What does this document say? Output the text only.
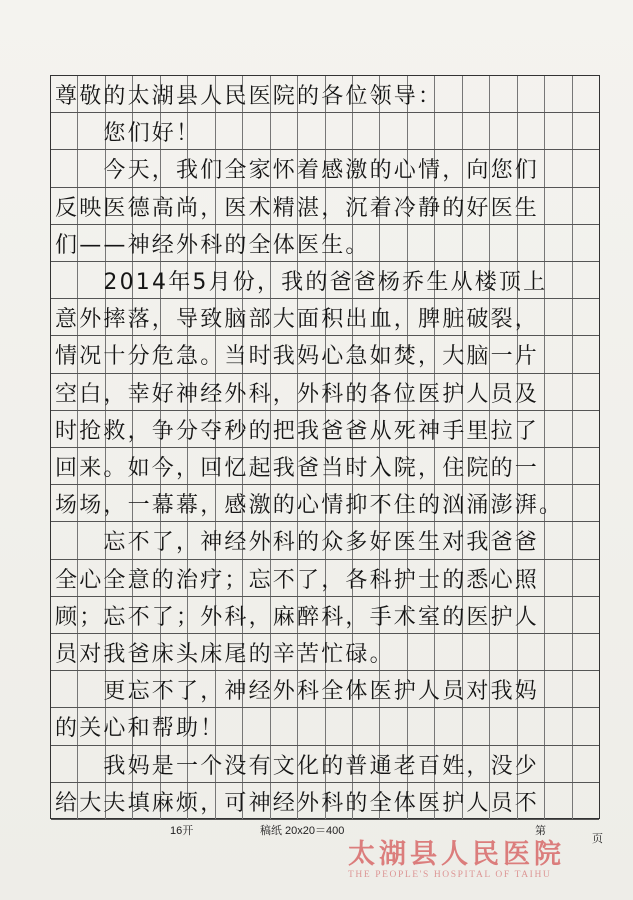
尊敬的太湖县人民医院的各位领导：
　　您们好！
　　今天，我们全家怀着感激的心情，向您们
反映医德高尚，医术精湛，沉着冷静的好医生
们——神经外科的全体医生。
　　2014年5月份，我的爸爸杨乔生从楼顶上
意外摔落，导致脑部大面积出血，脾脏破裂，
情况十分危急。当时我妈心急如焚，大脑一片
空白，幸好神经外科，外科的各位医护人员及
时抢救，争分夺秒的把我爸爸从死神手里拉了
回来。如今，回忆起我爸当时入院，住院的一
场场，一幕幕，感激的心情抑不住的汹涌澎湃。
　　忘不了，神经外科的众多好医生对我爸爸
全心全意的治疗；忘不了，各科护士的悉心照
顾；忘不了；外科，麻醉科，手术室的医护人
员对我爸床头床尾的辛苦忙碌。
　　更忘不了，神经外科全体医护人员对我妈
的关心和帮助！
　　我妈是一个没有文化的普通老百姓，没少
给大夫填麻烦，可神经外科的全体医护人员不
16开	稿纸 20x20＝400	第
页
太湖县人民医院
THE PEOPLE'S HOSPITAL OF TAIHU
